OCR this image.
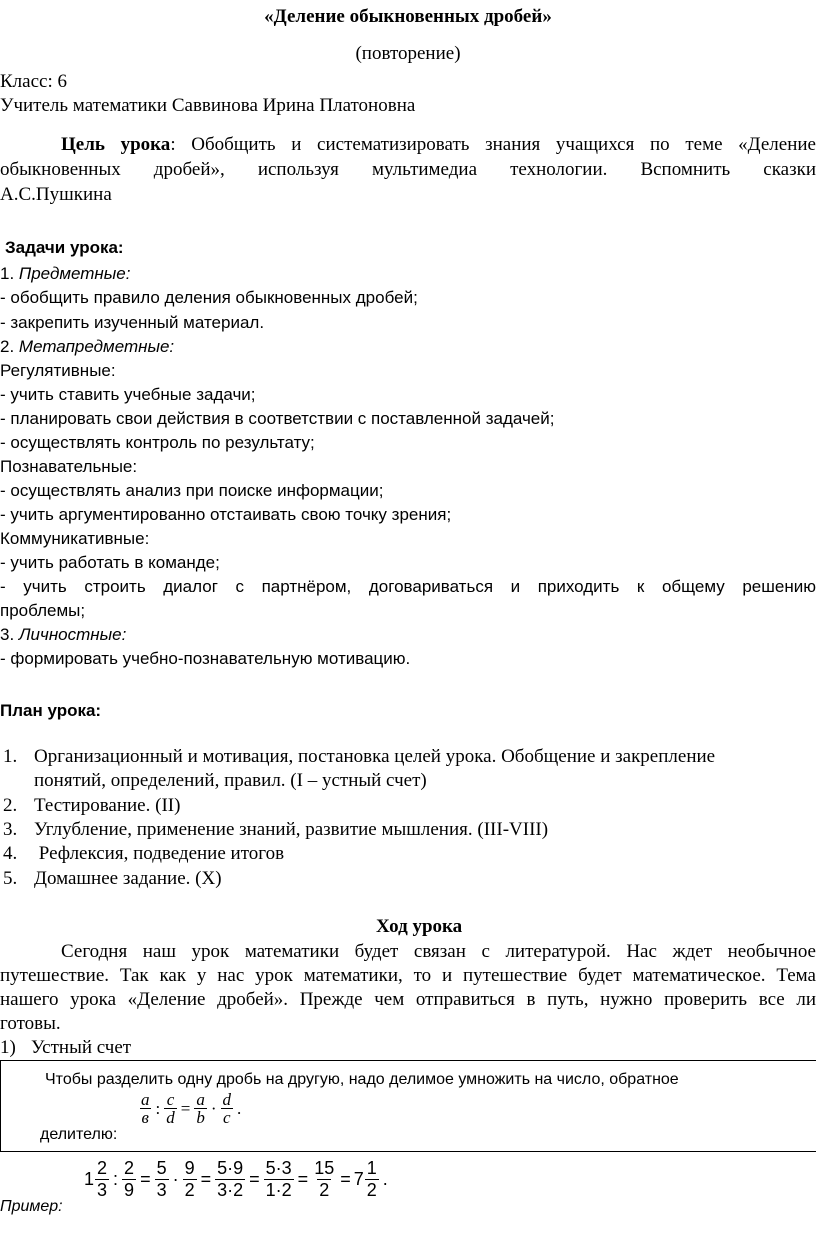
«Деление обыкновенных дробей»
(повторение)
Класс: 6
Учитель математики Саввинова Ирина Платоновна
Цель урока: Обобщить и систематизировать знания учащихся по теме «Деление
обыкновенных дробей», используя мультимедиа технологии. Вспомнить сказки
А.С.Пушкина
Задачи урока:
1. Предметные:
- обобщить правило деления обыкновенных дробей;
- закрепить изученный материал.
2. Метапредметные:
Регулятивные:
- учить ставить учебные задачи;
- планировать свои действия в соответствии с поставленной задачей;
- осуществлять контроль по результату;
Познавательные:
- осуществлять анализ при поиске информации;
- учить аргументированно отстаивать свою точку зрения;
Коммуникативные:
- учить работать в команде;
- учить строить диалог с партнёром, договариваться и приходить к общему решению
проблемы;
3. Личностные:
- формировать учебно-познавательную мотивацию.
План урока:
1. Организационный и мотивация, постановка целей урока. Обобщение и закрепление
понятий, определений, правил. (I – устный счет)
2. Тестирование. (II)
3. Углубление, применение знаний, развитие мышления. (III-VIII)
4. Рефлексия, подведение итогов
5. Домашнее задание. (X)
Ход урока
Сегодня наш урок математики будет связан с литературой. Нас ждет необычное
путешествие. Так как у нас урок математики, то и путешествие будет математическое. Тема
нашего урока «Деление дробей». Прежде чем отправиться в путь, нужно проверить все ли
готовы.
1) Устный счет
Чтобы разделить одну дробь на другую, надо делимое умножить на число, обратное
делителю:
$\frac{a}{в}$ : $\frac{c}{d} = \frac{a}{b} \cdot \frac{d}{c}$ .
Пример:
$1 \frac{2}{3}$ : $\frac{2}{9} = \frac{5}{3} \cdot \frac{9}{2} = \frac{5\cdot 9}{3\cdot 2} = \frac{5\cdot 3}{1\cdot 2} = \frac{15}{2} = 7 \frac{1}{2}$ .
